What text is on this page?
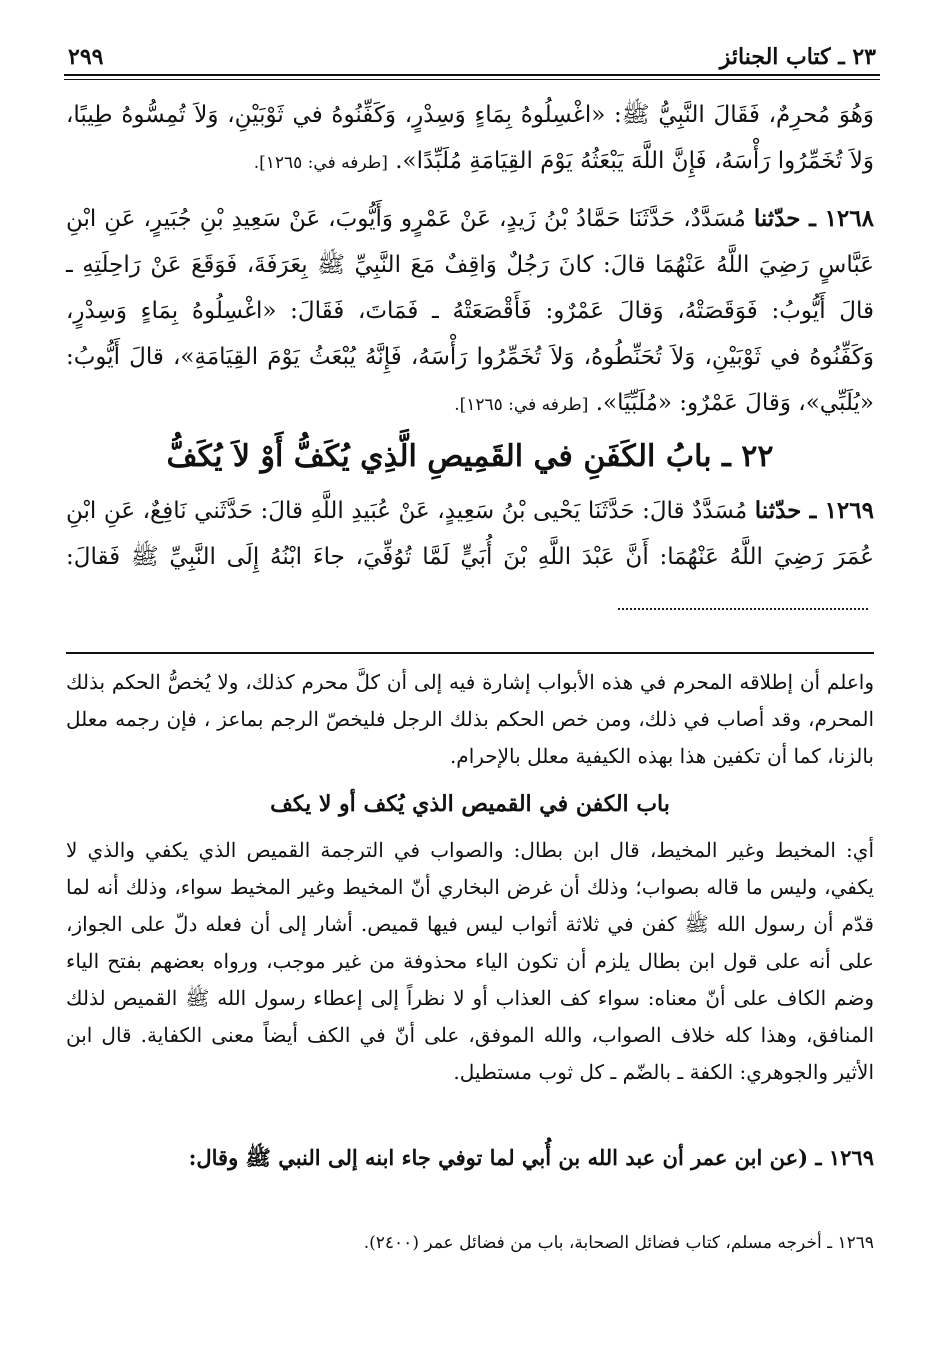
٢٩٩	٢٣ ـ كتاب الجنائز

وَهُوَ مُحرِمٌ، فَقَالَ النَّبِيُّ ﷺ: «اغْسِلُوهُ بِمَاءٍ وَسِدْرٍ، وَكَفِّنُوهُ في ثَوْبَيْنِ، وَلاَ تُمِسُّوهُ طِيبًا، وَلاَ تُخَمِّرُوا رَأْسَهُ، فَإِنَّ اللَّهَ يَبْعَثُهُ يَوْمَ القِيَامَةِ مُلَبِّدًا». [طرفه في: ١٢٦٥].

١٢٦٨ ـ حدّثنا مُسَدَّدٌ، حَدَّثَنَا حَمَّادُ بْنُ زَيدٍ، عَنْ عَمْرٍو وَأَيُّوبَ، عَنْ سَعِيدِ بْنِ جُبَيرٍ، عَنِ ابْنِ عَبَّاسٍ رَضِيَ اللَّهُ عَنْهُمَا قالَ: كانَ رَجُلٌ وَاقِفٌ مَعَ النَّبِيِّ ﷺ بِعَرَفَةَ، فَوَقَعَ عَنْ رَاحِلَتِهِ ـ قالَ أَيُّوبُ: فَوَقَصَتْهُ، وَقالَ عَمْرٌو: فَأَقْصَعَتْهُ ـ فَمَاتَ، فَقَالَ: «اغْسِلُوهُ بِمَاءٍ وَسِدْرٍ، وَكَفِّنُوهُ في ثَوْبَيْنِ، وَلاَ تُحَنِّطُوهُ، وَلاَ تُخَمِّرُوا رَأْسَهُ، فَإِنَّهُ يُبْعَثُ يَوْمَ القِيَامَةِ»، قالَ أَيُّوبُ: «يُلَبِّي»، وَقالَ عَمْرٌو: «مُلَبِّيًا». [طرفه في: ١٢٦٥].

٢٢ ـ بابُ الكَفَنِ في القَمِيصِ الَّذِي يُكَفُّ أَوْ لاَ يُكَفُّ

١٢٦٩ ـ حدّثنا مُسَدَّدٌ قالَ: حَدَّثَنَا يَحْيى بْنُ سَعِيدٍ، عَنْ عُبَيدِ اللَّهِ قالَ: حَدَّثَني نَافِعٌ، عَنِ ابْنِ عُمَرَ رَضِيَ اللَّهُ عَنْهُمَا: أَنَّ عَبْدَ اللَّهِ بْنَ أُبَيٍّ لَمَّا تُوُفِّيَ، جاءَ ابْنُهُ إِلَى النَّبِيِّ ﷺ فَقالَ:

واعلم أن إطلاقه المحرم في هذه الأبواب إشارة فيه إلى أن كلَّ محرم كذلك، ولا يُخصُّ الحكم بذلك المحرم، وقد أصاب في ذلك، ومن خص الحكم بذلك الرجل فليخصّ الرجم بماعز ، فإن رجمه معلل بالزنا، كما أن تكفين هذا بهذه الكيفية معلل بالإحرام.

باب الكفن في القميص الذي يُكف أو لا يكف

أي: المخيط وغير المخيط، قال ابن بطال: والصواب في الترجمة القميص الذي يكفي والذي لا يكفي، وليس ما قاله بصواب؛ وذلك أن غرض البخاري أنّ المخيط وغير المخيط سواء، وذلك أنه لما قدّم أن رسول الله ﷺ كفن في ثلاثة أثواب ليس فيها قميص. أشار إلى أن فعله دلّ على الجواز، على أنه على قول ابن بطال يلزم أن تكون الياء محذوفة من غير موجب، ورواه بعضهم بفتح الياء وضم الكاف على أنّ معناه: سواء كف العذاب أو لا نظراً إلى إعطاء رسول الله ﷺ القميص لذلك المنافق، وهذا كله خلاف الصواب، والله الموفق، على أنّ في الكف أيضاً معنى الكفاية. قال ابن الأثير والجوهري: الكفة ـ بالضّم ـ كل ثوب مستطيل.

١٢٦٩ ـ (عن ابن عمر أن عبد الله بن أُبي لما توفي جاء ابنه إلى النبي ﷺ وقال:

١٢٦٩ ـ أخرجه مسلم، كتاب فضائل الصحابة، باب من فضائل عمر (٢٤٠٠).
